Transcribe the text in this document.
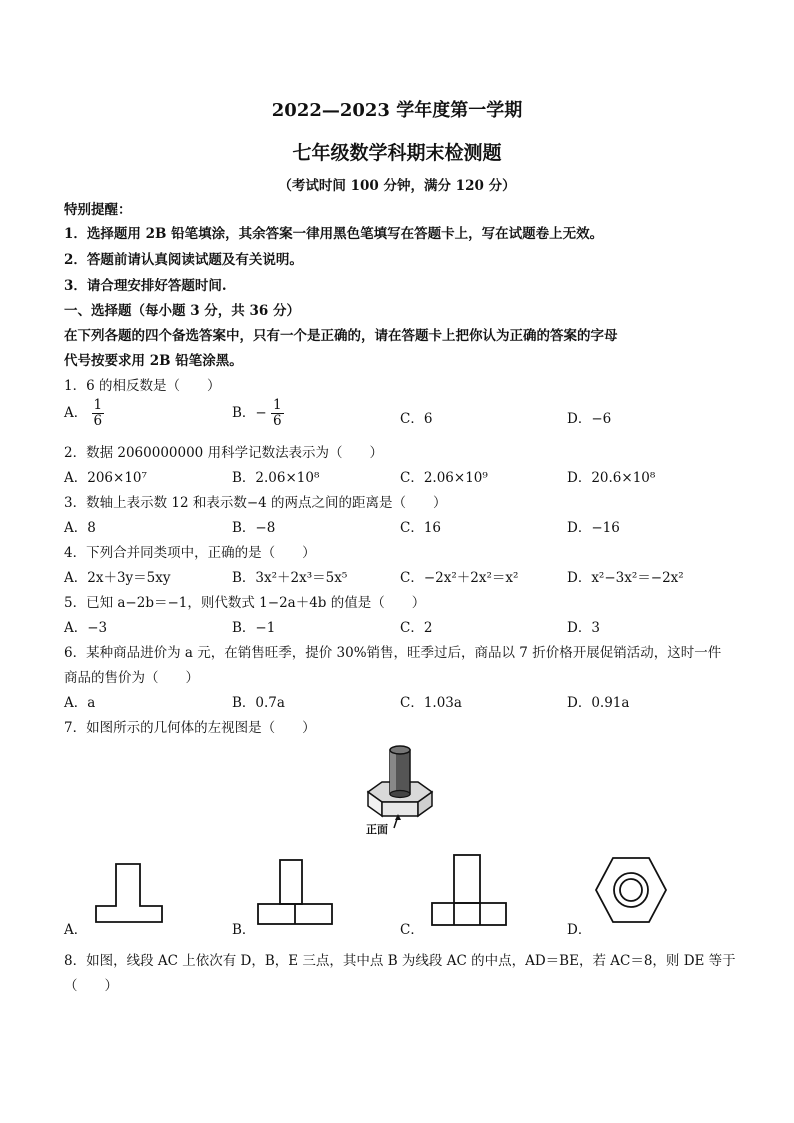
2022—2023 学年度第一学期
七年级数学科期末检测题
（考试时间 100 分钟，满分 120 分）
特别提醒：
1．选择题用 2B 铅笔填涂，其余答案一律用黑色笔填写在答题卡上，写在试题卷上无效。
2．答题前请认真阅读试题及有关说明。
3．请合理安排好答题时间.
一、选择题（每小题 3 分，共 36 分）
在下列各题的四个备选答案中，只有一个是正确的，请在答题卡上把你认为正确的答案的字母
代号按要求用 2B 铅笔涂黑。
1．6 的相反数是（　　）
A． $\frac{1}{6}$	B．− $\frac{1}{6}$	C．6	D．−6
2．数据 2060000000 用科学记数法表示为（　　）
A．206×10⁷	B．2.06×10⁸	C．2.06×10⁹	D．20.6×10⁸
3．数轴上表示数 12 和表示数−4 的两点之间的距离是（　　）
A．8	B．−8	C．16	D．−16
4．下列合并同类项中，正确的是（　　）
A．2x＋3y＝5xy	B．3x²＋2x³＝5x⁵	C．−2x²＋2x²＝x²	D．x²−3x²＝−2x²
5．已知 a−2b＝−1，则代数式 1−2a＋4b 的值是（　　）
A．−3	B．−1	C．2	D．3
6．某种商品进价为 a 元，在销售旺季，提价 30%销售，旺季过后，商品以 7 折价格开展促销活动，这时一件
商品的售价为（　　）
A．a	B．0.7a	C．1.03a	D．0.91a
7．如图所示的几何体的左视图是（　　）
正面
A．	B．	C．	D．
8．如图，线段 AC 上依次有 D，B，E 三点，其中点 B 为线段 AC 的中点，AD＝BE，若 AC＝8，则 DE 等于
（　　）
